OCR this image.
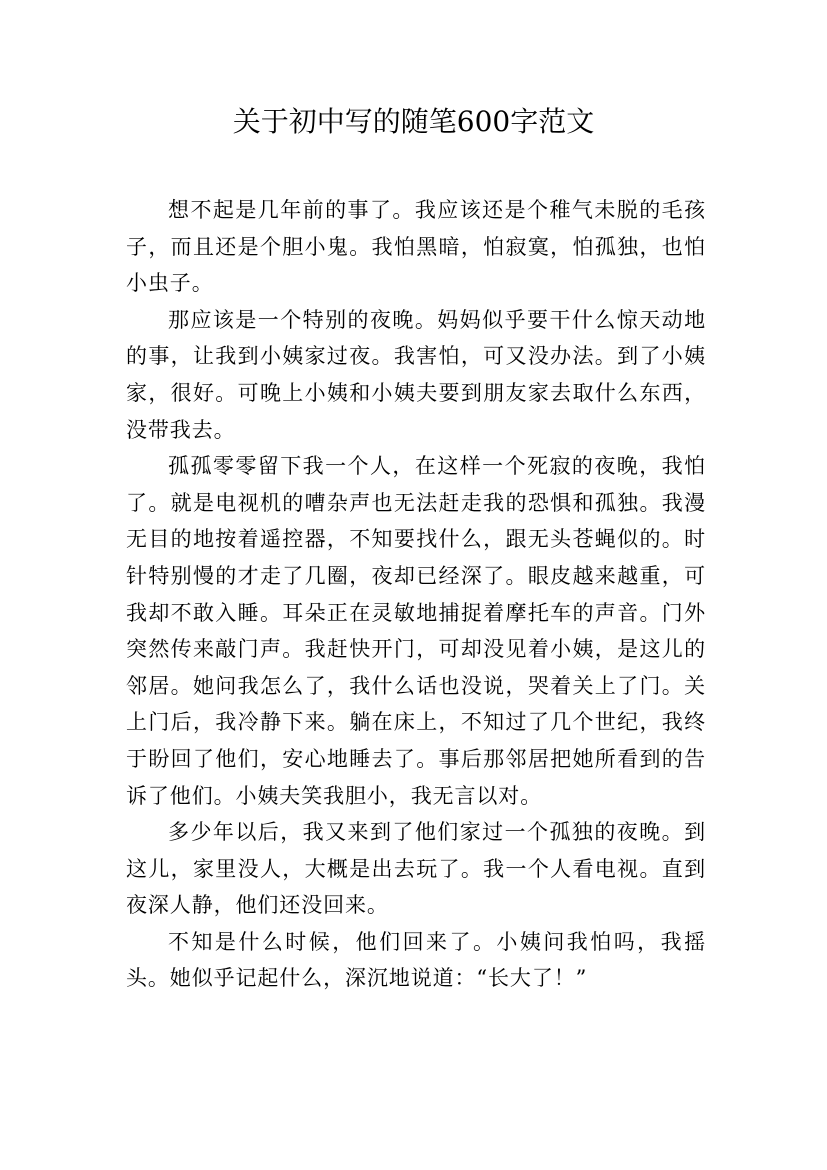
关于初中写的随笔600字范文

想不起是几年前的事了。我应该还是个稚气未脱的毛孩子，而且还是个胆小鬼。我怕黑暗，怕寂寞，怕孤独，也怕小虫子。

那应该是一个特别的夜晚。妈妈似乎要干什么惊天动地的事，让我到小姨家过夜。我害怕，可又没办法。到了小姨家，很好。可晚上小姨和小姨夫要到朋友家去取什么东西，没带我去。

孤孤零零留下我一个人，在这样一个死寂的夜晚，我怕了。就是电视机的嘈杂声也无法赶走我的恐惧和孤独。我漫无目的地按着遥控器，不知要找什么，跟无头苍蝇似的。时针特别慢的才走了几圈，夜却已经深了。眼皮越来越重，可我却不敢入睡。耳朵正在灵敏地捕捉着摩托车的声音。门外突然传来敲门声。我赶快开门，可却没见着小姨，是这儿的邻居。她问我怎么了，我什么话也没说，哭着关上了门。关上门后，我冷静下来。躺在床上，不知过了几个世纪，我终于盼回了他们，安心地睡去了。事后那邻居把她所看到的告诉了他们。小姨夫笑我胆小，我无言以对。

多少年以后，我又来到了他们家过一个孤独的夜晚。到这儿，家里没人，大概是出去玩了。我一个人看电视。直到夜深人静，他们还没回来。

不知是什么时候，他们回来了。小姨问我怕吗，我摇头。她似乎记起什么，深沉地说道：“长大了！”
